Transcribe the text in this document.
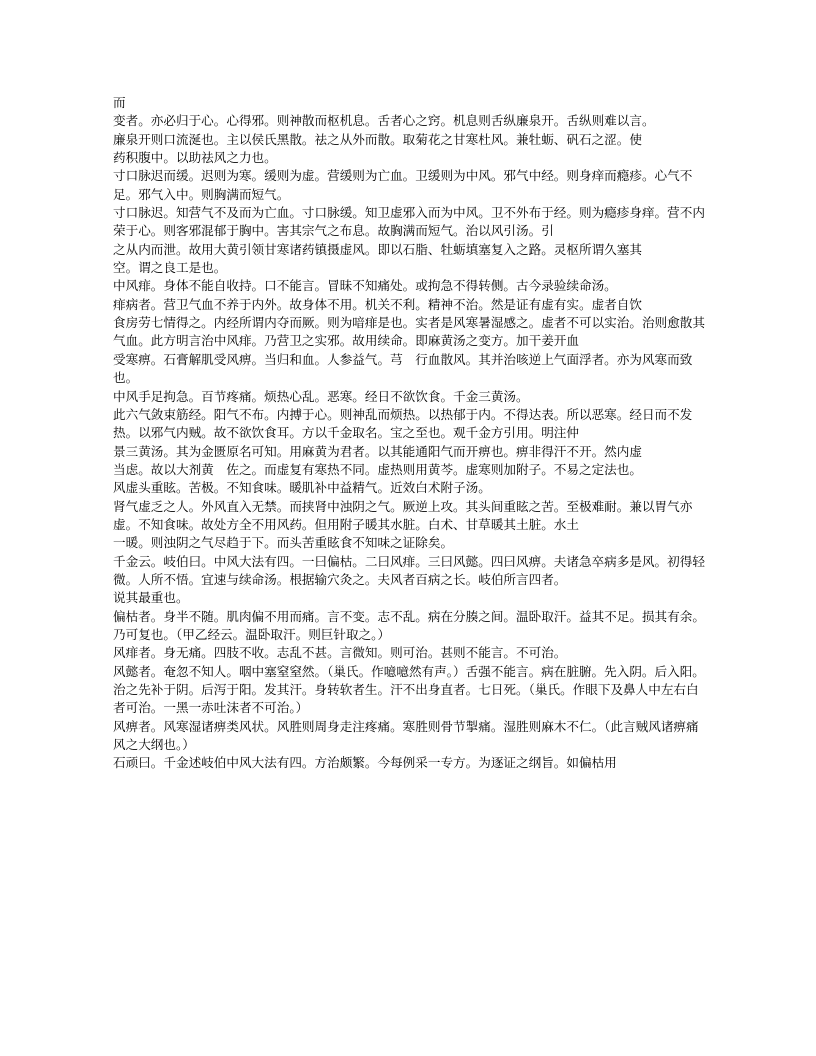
而

变者。亦必归于心。心得邪。则神散而枢机息。舌者心之窍。机息则舌纵廉泉开。舌纵则难以言。

廉泉开则口流涎也。主以侯氏黑散。祛之从外而散。取菊花之甘寒杜风。兼牡蛎、矾石之涩。使

药积腹中。以助祛风之力也。

寸口脉迟而缓。迟则为寒。缓则为虚。营缓则为亡血。卫缓则为中风。邪气中经。则身痒而瘾疹。心气不足。邪气入中。则胸满而短气。

寸口脉迟。知营气不及而为亡血。寸口脉缓。知卫虚邪入而为中风。卫不外布于经。则为瘾疹身痒。营不内荣于心。则客邪混郁于胸中。害其宗气之布息。故胸满而短气。治以风引汤。引

之从内而泄。故用大黄引领甘寒诸药镇摄虚风。即以石脂、牡蛎填塞复入之路。灵枢所谓久塞其

空。谓之良工是也。

中风痱。身体不能自收持。口不能言。冒昧不知痛处。或拘急不得转侧。古今录验续命汤。

痱病者。营卫气血不养于内外。故身体不用。机关不利。精神不治。然是证有虚有实。虚者自饮

食房劳七情得之。内经所谓内夺而厥。则为喑痱是也。实者是风寒暑湿感之。虚者不可以实治。治则愈散其气血。此方明言治中风痱。乃营卫之实邪。故用续命。即麻黄汤之变方。加干姜开血

受寒痹。石膏解肌受风痹。当归和血。人参益气。芎　行血散风。其并治咳逆上气面浮者。亦为风寒而致也。

中风手足拘急。百节疼痛。烦热心乱。恶寒。经日不欲饮食。千金三黄汤。

此六气敛束筋经。阳气不布。内搏于心。则神乱而烦热。以热郁于内。不得达表。所以恶寒。经日而不发热。以邪气内贼。故不欲饮食耳。方以千金取名。宝之至也。观千金方引用。明注仲

景三黄汤。其为金匮原名可知。用麻黄为君者。以其能通阳气而开痹也。痹非得汗不开。然内虚

当虑。故以大剂黄　佐之。而虚复有寒热不同。虚热则用黄芩。虚寒则加附子。不易之定法也。

风虚头重眩。苦极。不知食味。暖肌补中益精气。近效白术附子汤。

肾气虚乏之人。外风直入无禁。而挟肾中浊阴之气。厥逆上攻。其头间重眩之苦。至极难耐。兼以胃气亦虚。不知食味。故处方全不用风药。但用附子暖其水脏。白术、甘草暖其土脏。水土

一暖。则浊阴之气尽趋于下。而头苦重眩食不知味之证除矣。

千金云。岐伯曰。中风大法有四。一曰偏枯。二曰风痱。三曰风懿。四曰风痹。夫诸急卒病多是风。初得轻微。人所不悟。宜速与续命汤。根据输穴灸之。夫风者百病之长。岐伯所言四者。

说其最重也。

偏枯者。身半不随。肌肉偏不用而痛。言不变。志不乱。病在分腠之间。温卧取汗。益其不足。损其有余。乃可复也。（甲乙经云。温卧取汗。则巨针取之。）

风痱者。身无痛。四肢不收。志乱不甚。言微知。则可治。甚则不能言。不可治。

风懿者。奄忽不知人。咽中塞窒窒然。（巢氏。作噫噫然有声。）舌强不能言。病在脏腑。先入阴。后入阳。治之先补于阴。后泻于阳。发其汗。身转软者生。汗不出身直者。七日死。（巢氏。作眼下及鼻人中左右白者可治。一黑一赤吐沫者不可治。）

风痹者。风寒湿诸痹类风状。风胜则周身走注疼痛。寒胜则骨节掣痛。湿胜则麻木不仁。（此言贼风诸痹痛风之大纲也。）

石顽曰。千金述岐伯中风大法有四。方治颇繁。今每例采一专方。为逐证之纲旨。如偏枯用
